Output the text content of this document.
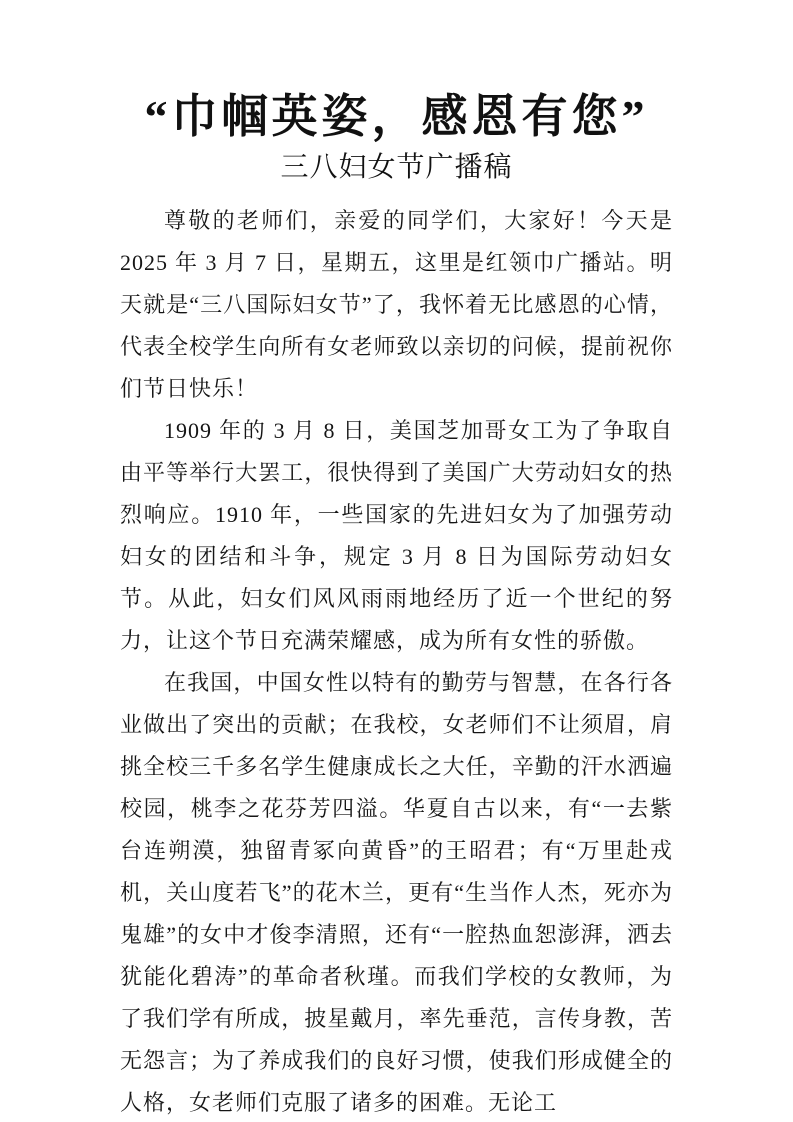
“巾帼英姿，感恩有您”
三八妇女节广播稿

尊敬的老师们，亲爱的同学们，大家好！今天是 2025 年 3 月 7 日，星期五，这里是红领巾广播站。明天就是“三八国际妇女节”了，我怀着无比感恩的心情，代表全校学生向所有女老师致以亲切的问候，提前祝你们节日快乐！

1909 年的 3 月 8 日，美国芝加哥女工为了争取自由平等举行大罢工，很快得到了美国广大劳动妇女的热烈响应。1910 年，一些国家的先进妇女为了加强劳动妇女的团结和斗争，规定 3 月 8 日为国际劳动妇女节。从此，妇女们风风雨雨地经历了近一个世纪的努力，让这个节日充满荣耀感，成为所有女性的骄傲。

在我国，中国女性以特有的勤劳与智慧，在各行各业做出了突出的贡献；在我校，女老师们不让须眉，肩挑全校三千多名学生健康成长之大任，辛勤的汗水洒遍校园，桃李之花芬芳四溢。华夏自古以来，有“一去紫台连朔漠，独留青冢向黄昏”的王昭君；有“万里赴戎机，关山度若飞”的花木兰，更有“生当作人杰，死亦为鬼雄”的女中才俊李清照，还有“一腔热血恕澎湃，洒去犹能化碧涛”的革命者秋瑾。而我们学校的女教师，为了我们学有所成，披星戴月，率先垂范，言传身教，苦无怨言；为了养成我们的良好习惯，使我们形成健全的人格，女老师们克服了诸多的困难。无论工
